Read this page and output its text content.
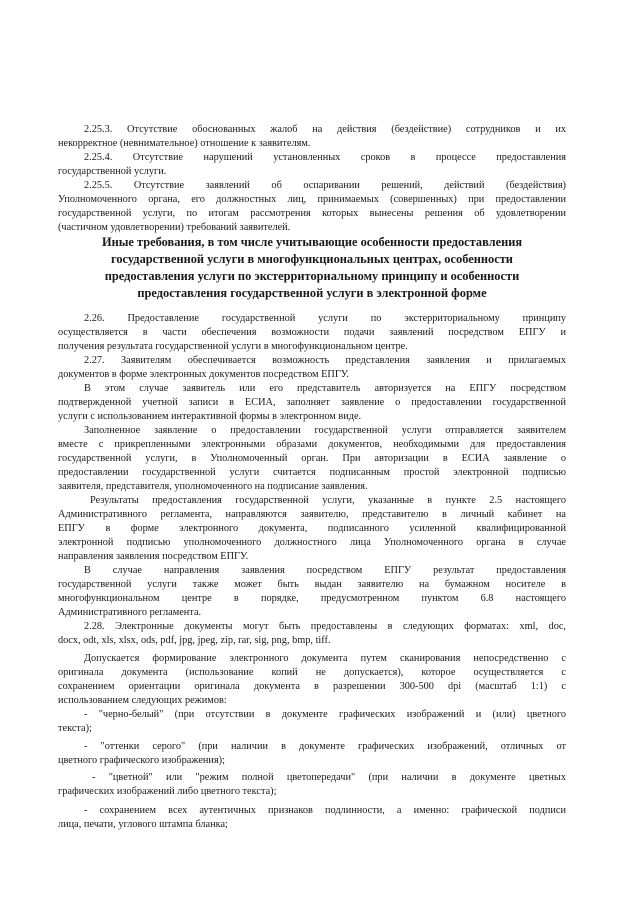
2.25.3. Отсутствие обоснованных жалоб на действия (бездействие) сотрудников и их
некорректное (невнимательное) отношение к заявителям.
2.25.4. Отсутствие нарушений установленных сроков в процессе предоставления
государственной услуги.
2.25.5. Отсутствие заявлений об оспаривании решений, действий (бездействия)
Уполномоченного органа, его должностных лиц, принимаемых (совершенных) при предоставлении
государственной услуги, по итогам рассмотрения которых вынесены решения об удовлетворении
(частичном удовлетворении) требований заявителей.
Иные требования, в том числе учитывающие особенности предоставления
государственной услуги в многофункциональных центрах, особенности
предоставления услуги по экстерриториальному принципу и особенности
предоставления государственной услуги в электронной форме
2.26. Предоставление государственной услуги по экстерриториальному принципу
осуществляется в части обеспечения возможности подачи заявлений посредством ЕПГУ и
получения результата государственной услуги в многофункциональном центре.
2.27. Заявителям обеспечивается возможность представления заявления и прилагаемых
документов в форме электронных документов посредством ЕПГУ.
В этом случае заявитель или его представитель авторизуется на ЕПГУ посредством
подтвержденной учетной записи в ЕСИА, заполняет заявление о предоставлении государственной
услуги с использованием интерактивной формы в электронном виде.
Заполненное заявление о предоставлении государственной услуги отправляется заявителем
вместе с прикрепленными электронными образами документов, необходимыми для предоставления
государственной услуги, в Уполномоченный орган. При авторизации в ЕСИА заявление о
предоставлении государственной услуги считается подписанным простой электронной подписью
заявителя, представителя, уполномоченного на подписание заявления.
Результаты предоставления государственной услуги, указанные в пункте 2.5 настоящего
Административного регламента, направляются заявителю, представителю в личный кабинет на
ЕПГУ в форме электронного документа, подписанного усиленной квалифицированной
электронной подписью уполномоченного должностного лица Уполномоченного органа в случае
направления заявления посредством ЕПГУ.
В случае направления заявления посредством ЕПГУ результат предоставления
государственной услуги также может быть выдан заявителю на бумажном носителе в
многофункциональном центре в порядке, предусмотренном пунктом 6.8 настоящего
Административного регламента.
2.28. Электронные документы могут быть предоставлены в следующих форматах: xml, doc,
docx, odt, xls, xlsx, ods, pdf, jpg, jpeg, zip, rar, sig, png, bmp, tiff.
Допускается формирование электронного документа путем сканирования непосредственно с
оригинала документа (использование копий не допускается), которое осуществляется с
сохранением ориентации оригинала документа в разрешении 300-500 dpi (масштаб 1:1) с
использованием следующих режимов:
- "черно-белый" (при отсутствии в документе графических изображений и (или) цветного
текста);
- "оттенки серого" (при наличии в документе графических изображений, отличных от
цветного графического изображения);
- "цветной" или "режим полной цветопередачи" (при наличии в документе цветных
графических изображений либо цветного текста);
- сохранением всех аутентичных признаков подлинности, а именно: графической подписи
лица, печати, углового штампа бланка;
